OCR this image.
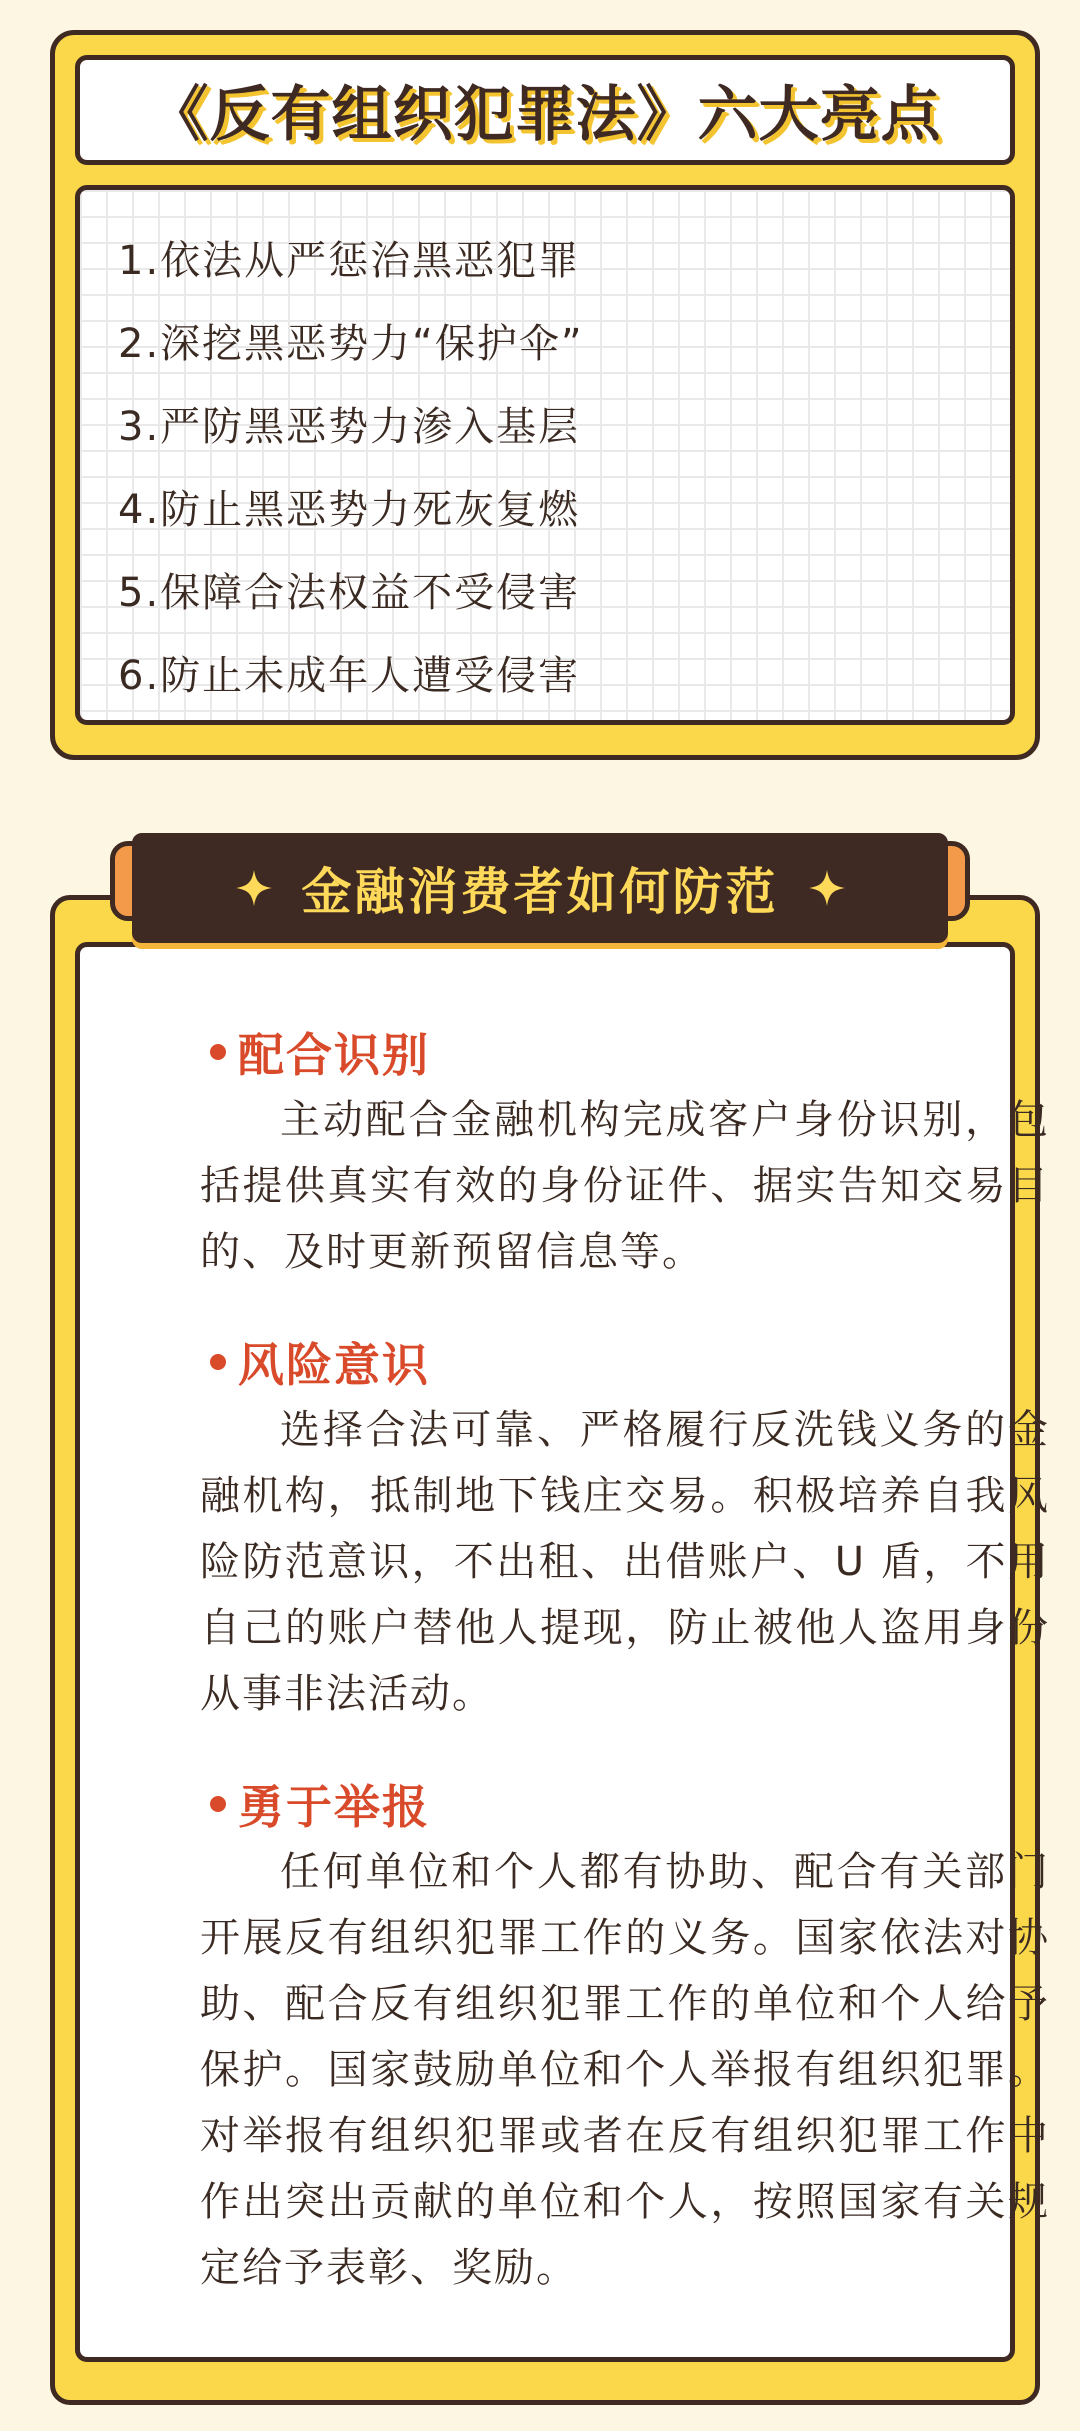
《反有组织犯罪法》六大亮点
1.依法从严惩治黑恶犯罪
2.深挖黑恶势力“保护伞”
3.严防黑恶势力渗入基层
4.防止黑恶势力死灰复燃
5.保障合法权益不受侵害
6.防止未成年人遭受侵害
配合识别

主动配合金融机构完成客户身份识别，包括提供真实有效的身份证件、据实告知交易目的、及时更新预留信息等。

风险意识

选择合法可靠、严格履行反洗钱义务的金融机构，抵制地下钱庄交易。积极培养自我风险防范意识，不出租、出借账户、U 盾，不用自己的账户替他人提现，防止被他人盗用身份从事非法活动。

勇于举报

任何单位和个人都有协助、配合有关部门开展反有组织犯罪工作的义务。国家依法对协助、配合反有组织犯罪工作的单位和个人给予保护。国家鼓励单位和个人举报有组织犯罪。对举报有组织犯罪或者在反有组织犯罪工作中作出突出贡献的单位和个人，按照国家有关规定给予表彰、奖励。

金融消费者如何防范
